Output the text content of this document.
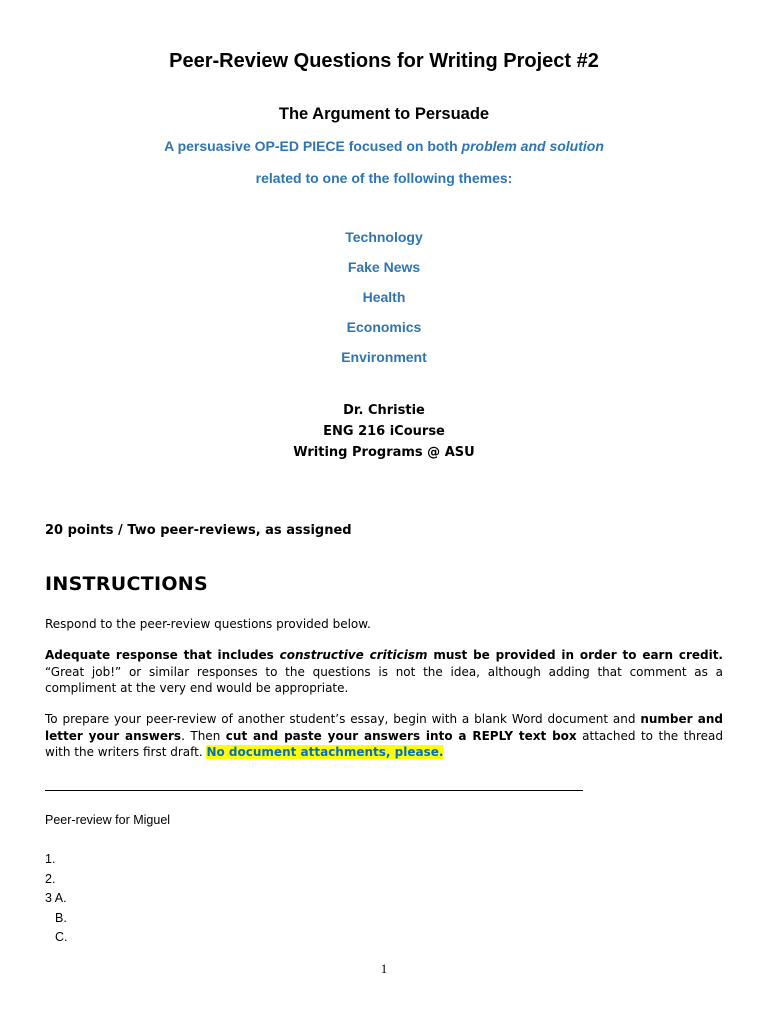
Peer-Review Questions for Writing Project #2
The Argument to Persuade
A persuasive OP-ED PIECE focused on both problem and solution
related to one of the following themes:
Technology
Fake News
Health
Economics
Environment
Dr. Christie
ENG 216 iCourse
Writing Programs @ ASU
20 points / Two peer-reviews, as assigned
INSTRUCTIONS
Respond to the peer-review questions provided below.
Adequate response that includes constructive criticism must be provided in order to earn credit. “Great job!” or similar responses to the questions is not the idea, although adding that comment as a compliment at the very end would be appropriate.
To prepare your peer-review of another student’s essay, begin with a blank Word document and number and letter your answers. Then cut and paste your answers into a REPLY text box attached to the thread with the writers first draft. No document attachments, please.
Peer-review for Miguel
1.
2.
3 A.
B.
C.
1
